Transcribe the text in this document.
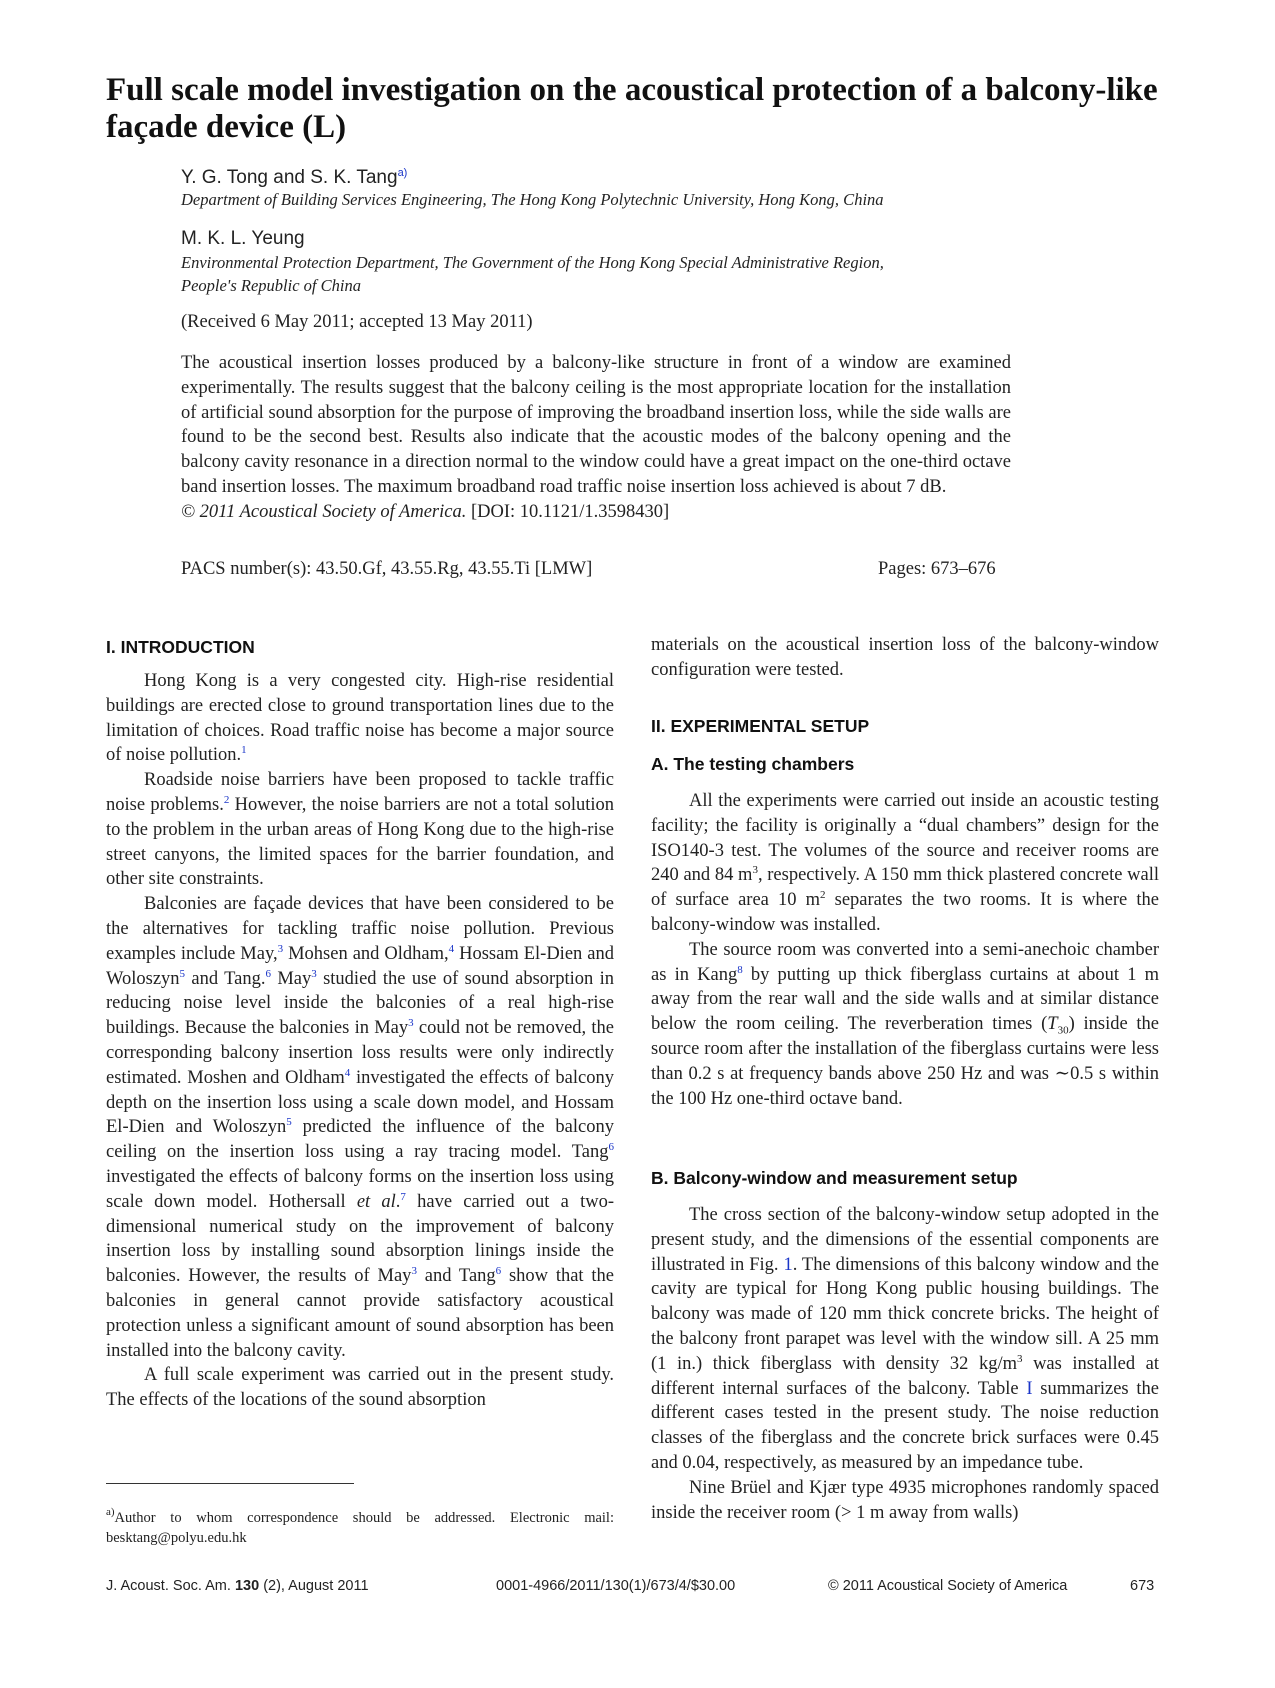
Full scale model investigation on the acoustical protection of a balcony-like façade device (L)
Y. G. Tong and S. K. Tang$^{a)}$
Department of Building Services Engineering, The Hong Kong Polytechnic University, Hong Kong, China
M. K. L. Yeung
Environmental Protection Department, The Government of the Hong Kong Special Administrative Region,
People's Republic of China
(Received 6 May 2011; accepted 13 May 2011)
The acoustical insertion losses produced by a balcony-like structure in front of a window are examined experimentally. The results suggest that the balcony ceiling is the most appropriate location for the installation of artificial sound absorption for the purpose of improving the broadband insertion loss, while the side walls are found to be the second best. Results also indicate that the acoustic modes of the balcony opening and the balcony cavity resonance in a direction normal to the window could have a great impact on the one-third octave band insertion losses. The maximum broadband road traffic noise insertion loss achieved is about 7 dB.
© 2011 Acoustical Society of America. [DOI: 10.1121/1.3598430]
PACS number(s): 43.50.Gf, 43.55.Rg, 43.55.Ti [LMW]	Pages: 673–676
I. INTRODUCTION

Hong Kong is a very congested city. High-rise residential buildings are erected close to ground transportation lines due to the limitation of choices. Road traffic noise has become a major source of noise pollution.$^1$

Roadside noise barriers have been proposed to tackle traffic noise problems.$^2$ However, the noise barriers are not a total solution to the problem in the urban areas of Hong Kong due to the high-rise street canyons, the limited spaces for the barrier foundation, and other site constraints.

Balconies are façade devices that have been considered to be the alternatives for tackling traffic noise pollution. Previous examples include May,$^3$ Mohsen and Oldham,$^4$ Hossam El-Dien and Woloszyn$^5$ and Tang.$^6$ May$^3$ studied the use of sound absorption in reducing noise level inside the balconies of a real high-rise buildings. Because the balconies in May$^3$ could not be removed, the corresponding balcony insertion loss results were only indirectly estimated. Moshen and Oldham$^4$ investigated the effects of balcony depth on the insertion loss using a scale down model, and Hossam El-Dien and Woloszyn$^5$ predicted the influence of the balcony ceiling on the insertion loss using a ray tracing model. Tang$^6$ investigated the effects of balcony forms on the insertion loss using scale down model. Hothersall et al.$^7$ have carried out a two-dimensional numerical study on the improvement of balcony insertion loss by installing sound absorption linings inside the balconies. However, the results of May$^3$ and Tang$^6$ show that the balconies in general cannot provide satisfactory acoustical protection unless a significant amount of sound absorption has been installed into the balcony cavity.

A full scale experiment was carried out in the present study. The effects of the locations of the sound absorption

$^{a)}$Author to whom correspondence should be addressed. Electronic mail: besktang@polyu.edu.hk

materials on the acoustical insertion loss of the balcony-window configuration were tested.

II. EXPERIMENTAL SETUP
A. The testing chambers

All the experiments were carried out inside an acoustic testing facility; the facility is originally a “dual chambers” design for the ISO140-3 test. The volumes of the source and receiver rooms are 240 and 84 $m^3$, respectively. A 150 mm thick plastered concrete wall of surface area 10 $m^2$ separates the two rooms. It is where the balcony-window was installed.

The source room was converted into a semi-anechoic chamber as in Kang$^8$ by putting up thick fiberglass curtains at about 1 m away from the rear wall and the side walls and at similar distance below the room ceiling. The reverberation times $(T_{30})$ inside the source room after the installation of the fiberglass curtains were less than 0.2 s at frequency bands above 250 Hz and was ∼0.5 s within the 100 Hz one-third octave band.

B. Balcony-window and measurement setup

The cross section of the balcony-window setup adopted in the present study, and the dimensions of the essential components are illustrated in Fig. 1. The dimensions of this balcony window and the cavity are typical for Hong Kong public housing buildings. The balcony was made of 120 mm thick concrete bricks. The height of the balcony front parapet was level with the window sill. A 25 mm (1 in.) thick fiberglass with density 32 $kg/m^3$ was installed at different internal surfaces of the balcony. Table I summarizes the different cases tested in the present study. The noise reduction classes of the fiberglass and the concrete brick surfaces were 0.45 and 0.04, respectively, as measured by an impedance tube.

Nine Brüel and Kjær type 4935 microphones randomly spaced inside the receiver room (> 1 m away from walls)

J. Acoust. Soc. Am. 130 (2), August 2011	0001-4966/2011/130(1)/673/4/$30.00	© 2011 Acoustical Society of America	673
